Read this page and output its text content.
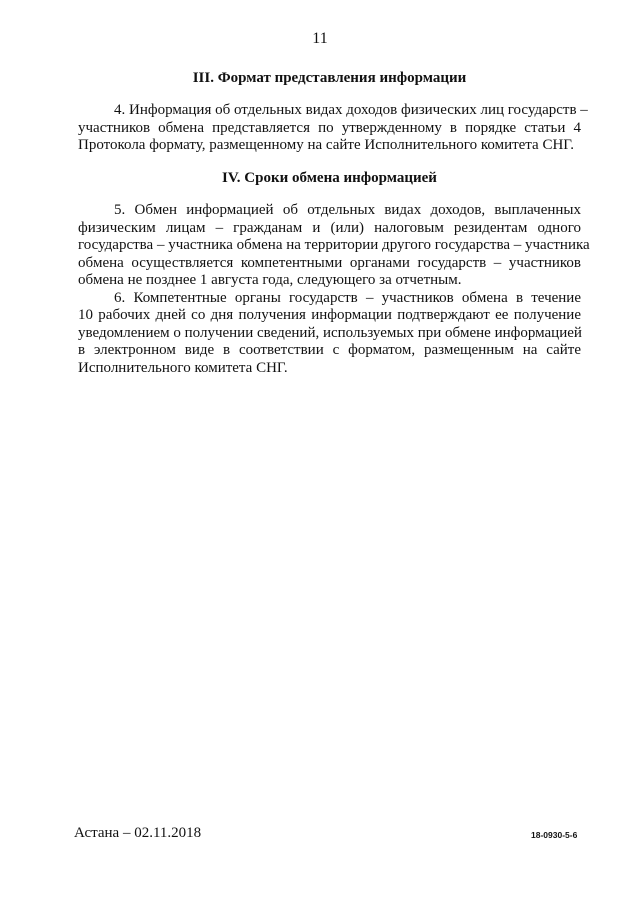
11
III. Формат представления информации
4. Информация об отдельных видах доходов физических лиц государств –
участников обмена представляется по утвержденному в порядке статьи 4
Протокола формату, размещенному на сайте Исполнительного комитета СНГ.
IV. Сроки обмена информацией
5. Обмен информацией об отдельных видах доходов, выплаченных
физическим лицам – гражданам и (или) налоговым резидентам одного
государства – участника обмена на территории другого государства – участника
обмена осуществляется компетентными органами государств – участников
обмена не позднее 1 августа года, следующего за отчетным.
6. Компетентные органы государств – участников обмена в течение
10 рабочих дней со дня получения информации подтверждают ее получение
уведомлением о получении сведений, используемых при обмене информацией
в электронном виде в соответствии с форматом, размещенным на сайте
Исполнительного комитета СНГ.
Астана – 02.11.2018	18-0930-5-6
